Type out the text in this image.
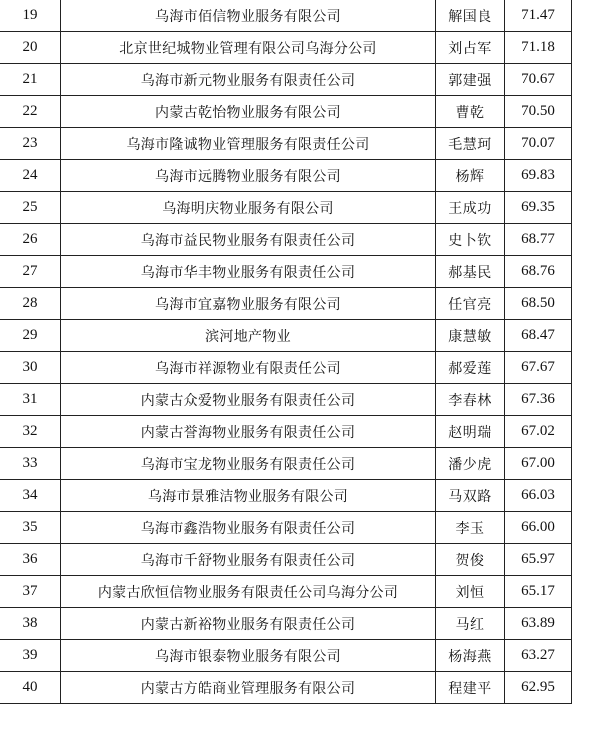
19	乌海市佰信物业服务有限公司	解国良	71.47
20	北京世纪城物业管理有限公司乌海分公司	刘占军	71.18
21	乌海市新元物业服务有限责任公司	郭建强	70.67
22	内蒙古乾怡物业服务有限公司	曹乾	70.50
23	乌海市隆诚物业管理服务有限责任公司	毛慧珂	70.07
24	乌海市远腾物业服务有限公司	杨辉	69.83
25	乌海明庆物业服务有限公司	王成功	69.35
26	乌海市益民物业服务有限责任公司	史卜钦	68.77
27	乌海市华丰物业服务有限责任公司	郝基民	68.76
28	乌海市宜嘉物业服务有限公司	任官亮	68.50
29	滨河地产物业	康慧敏	68.47
30	乌海市祥源物业有限责任公司	郝爱莲	67.67
31	内蒙古众爱物业服务有限责任公司	李春林	67.36
32	内蒙古誉海物业服务有限责任公司	赵明瑞	67.02
33	乌海市宝龙物业服务有限责任公司	潘少虎	67.00
34	乌海市景雅洁物业服务有限公司	马双路	66.03
35	乌海市鑫浩物业服务有限责任公司	李玉	66.00
36	乌海市千舒物业服务有限责任公司	贺俊	65.97
37	内蒙古欣恒信物业服务有限责任公司乌海分公司	刘恒	65.17
38	内蒙古新裕物业服务有限责任公司	马红	63.89
39	乌海市银泰物业服务有限公司	杨海燕	63.27
40	内蒙古方皓商业管理服务有限公司	程建平	62.95
